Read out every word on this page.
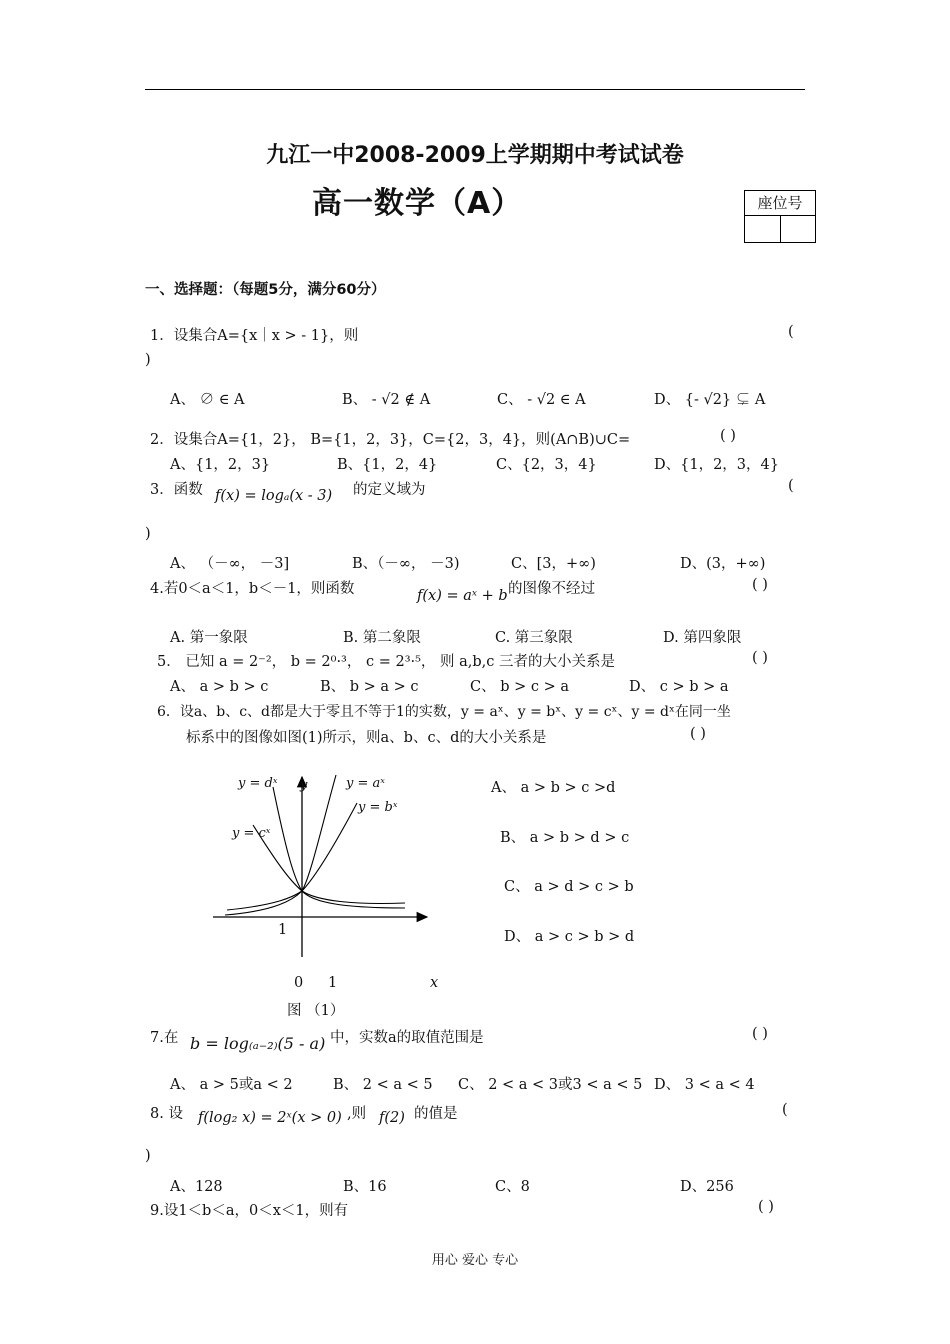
九江一中2008-2009上学期期中考试试卷
高一数学（A）	座位号
一、选择题：（每题5分，满分60分）
1．设集合A={x｜x > - 1}，则	(
)
A、 ∅ ∈ A	B、 - √2 ∉ A	C、 - √2 ∈ A	D、 {- √2} ⊊ A
2．设集合A={1，2}， B={1，2，3}，C={2，3，4}，则(A∩B)∪C=	( )
A、{1，2，3}	B、{1，2，4}	C、{2，3，4}	D、{1，2，3，4}
3．函数 f(x) = logₐ(x - 3) 的定义域为	(
)
A、 （－∞， －3]	B、（－∞， －3)	C、[3，+∞)	D、(3，+∞)
4.若0＜a＜1，b＜－1，则函数	f(x) = aˣ + b 的图像不经过	( )
A. 第一象限	B. 第二象限	C. 第三象限	D. 第四象限
5． 已知 a = 2⁻²， b = 2⁰·³， c = 2³·⁵， 则 a,b,c 三者的大小关系是	( )
A、 a > b > c	B、 b > a > c	C、 b > c > a	D、 c > b > a
6．设a、b、c、d都是大于零且不等于1的实数，y = aˣ、y = bˣ、y = cˣ、y = dˣ在同一坐
标系中的图像如图(1)所示，则a、b、c、d的大小关系是	( )
A、 a > b > c >d
B、 a > b > d > c
C、 a > d > c > b
D、 a > c > b > d
y = dˣ y	y = aˣ
y = bˣ
y = cˣ
1
0 1	x
图 （1）
7.在 b = log₍ₐ₋₂₎(5 - a) 中，实数a的取值范围是	( )
A、 a > 5或a < 2	B、 2 < a < 5 C、 2 < a < 3或3 < a < 5 D、 3 < a < 4
8. 设 f(log₂ x) = 2ˣ(x > 0) ,则 f(2) 的值是	(
)
A、128	B、16	C、8	D、256
9.设1＜b＜a，0＜x＜1，则有	( )
用心 爱心 专心
